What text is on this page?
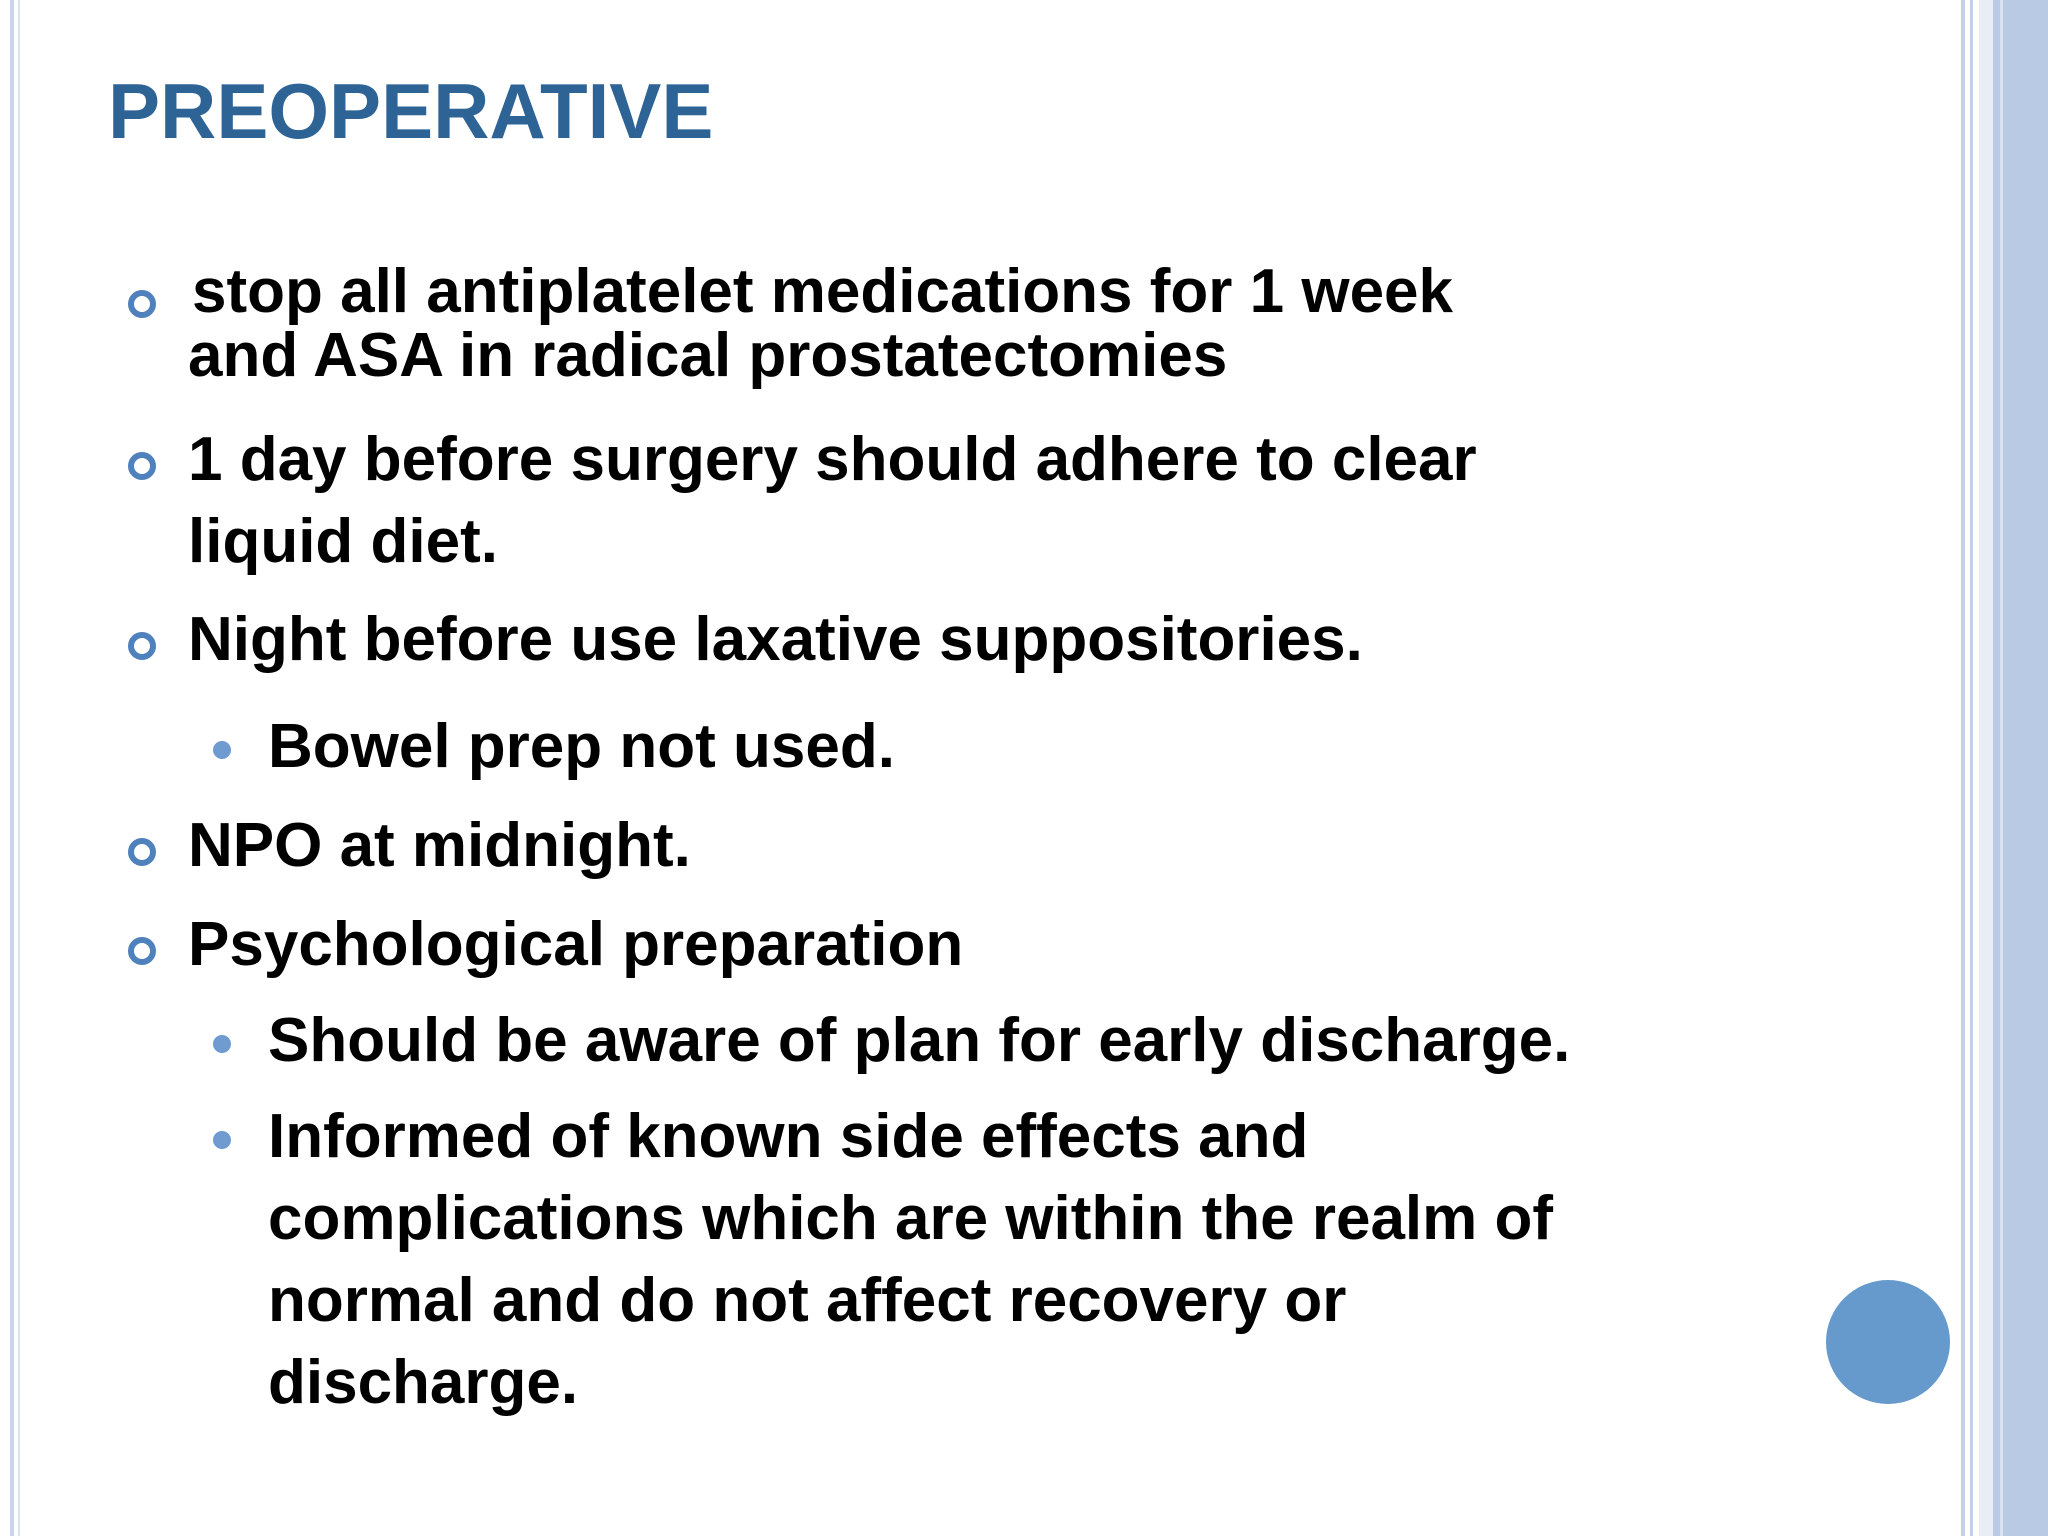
PREOPERATIVE
stop all antiplatelet medications for 1 week
and ASA in radical prostatectomies
1 day before surgery should adhere to clear
liquid diet.
Night before use laxative suppositories.
Bowel prep not used.
NPO at midnight.
Psychological preparation
Should be aware of plan for early discharge.
Informed of known side effects and
complications which are within the realm of
normal and do not affect recovery or
discharge.
